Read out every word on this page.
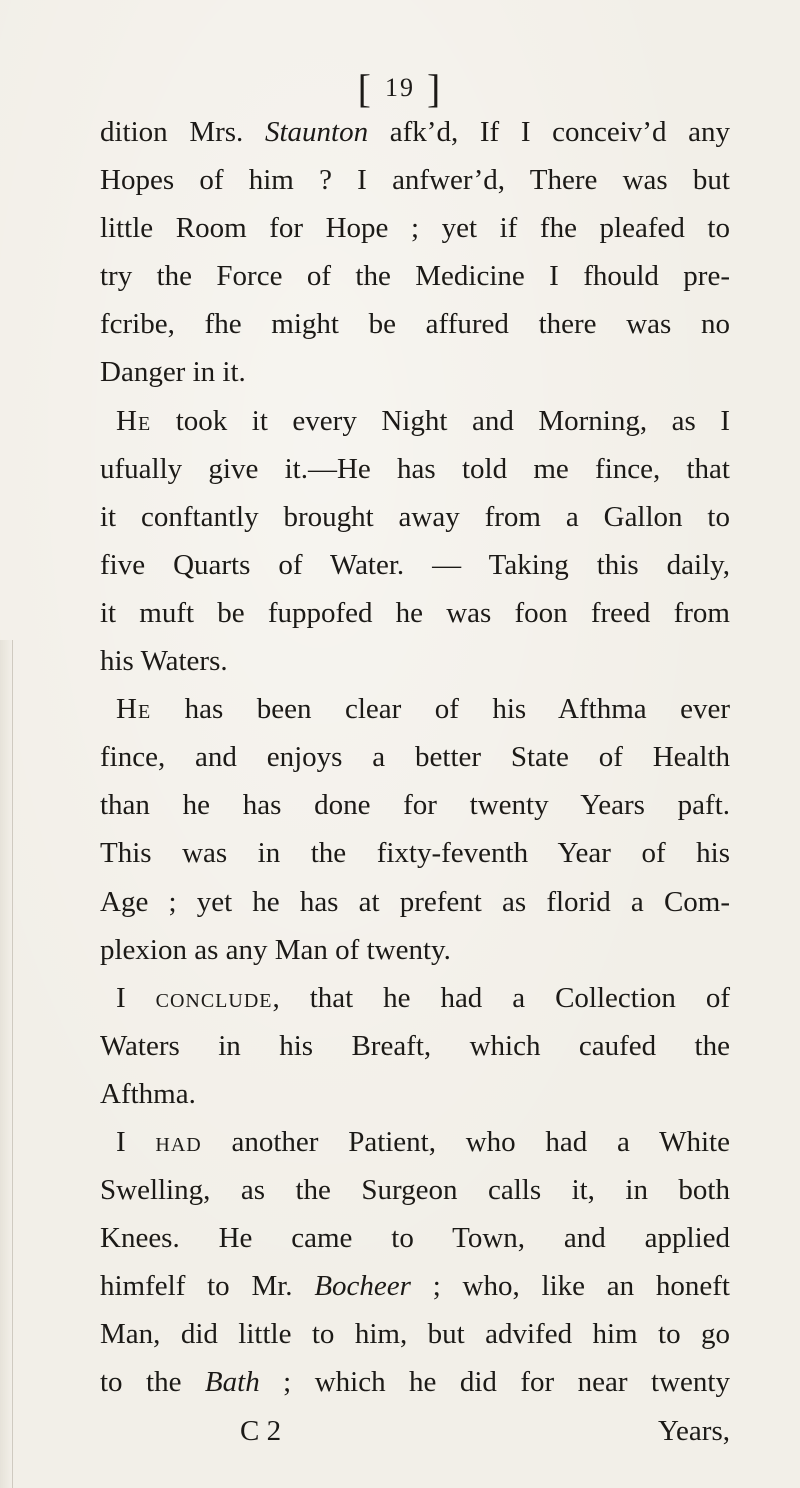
[ $^{19}$ ]
dition Mrs. Staunton afk’d, If I conceiv’d any
Hopes of him ? I anfwer’d, There was but
little Room for Hope ; yet if fhe pleafed to
try the Force of the Medicine I fhould pre-
fcribe, fhe might be affured there was no
Danger in it.
He took it every Night and Morning, as I
ufually give it.—He has told me fince, that
it conftantly brought away from a Gallon to
five Quarts of Water. — Taking this daily,
it muft be fuppofed he was foon freed from
his Waters.
He has been clear of his Afthma ever
fince, and enjoys a better State of Health
than he has done for twenty Years paft.
This was in the fixty-feventh Year of his
Age ; yet he has at prefent as florid a Com-
plexion as any Man of twenty.
I conclude, that he had a Collection of
Waters in his Breaft, which caufed the
Afthma.
I had another Patient, who had a White
Swelling, as the Surgeon calls it, in both
Knees. He came to Town, and applied
himfelf to Mr. Bocheer ; who, like an honeft
Man, did little to him, but advifed him to go
to the Bath ; which he did for near twenty
C 2	Years,
